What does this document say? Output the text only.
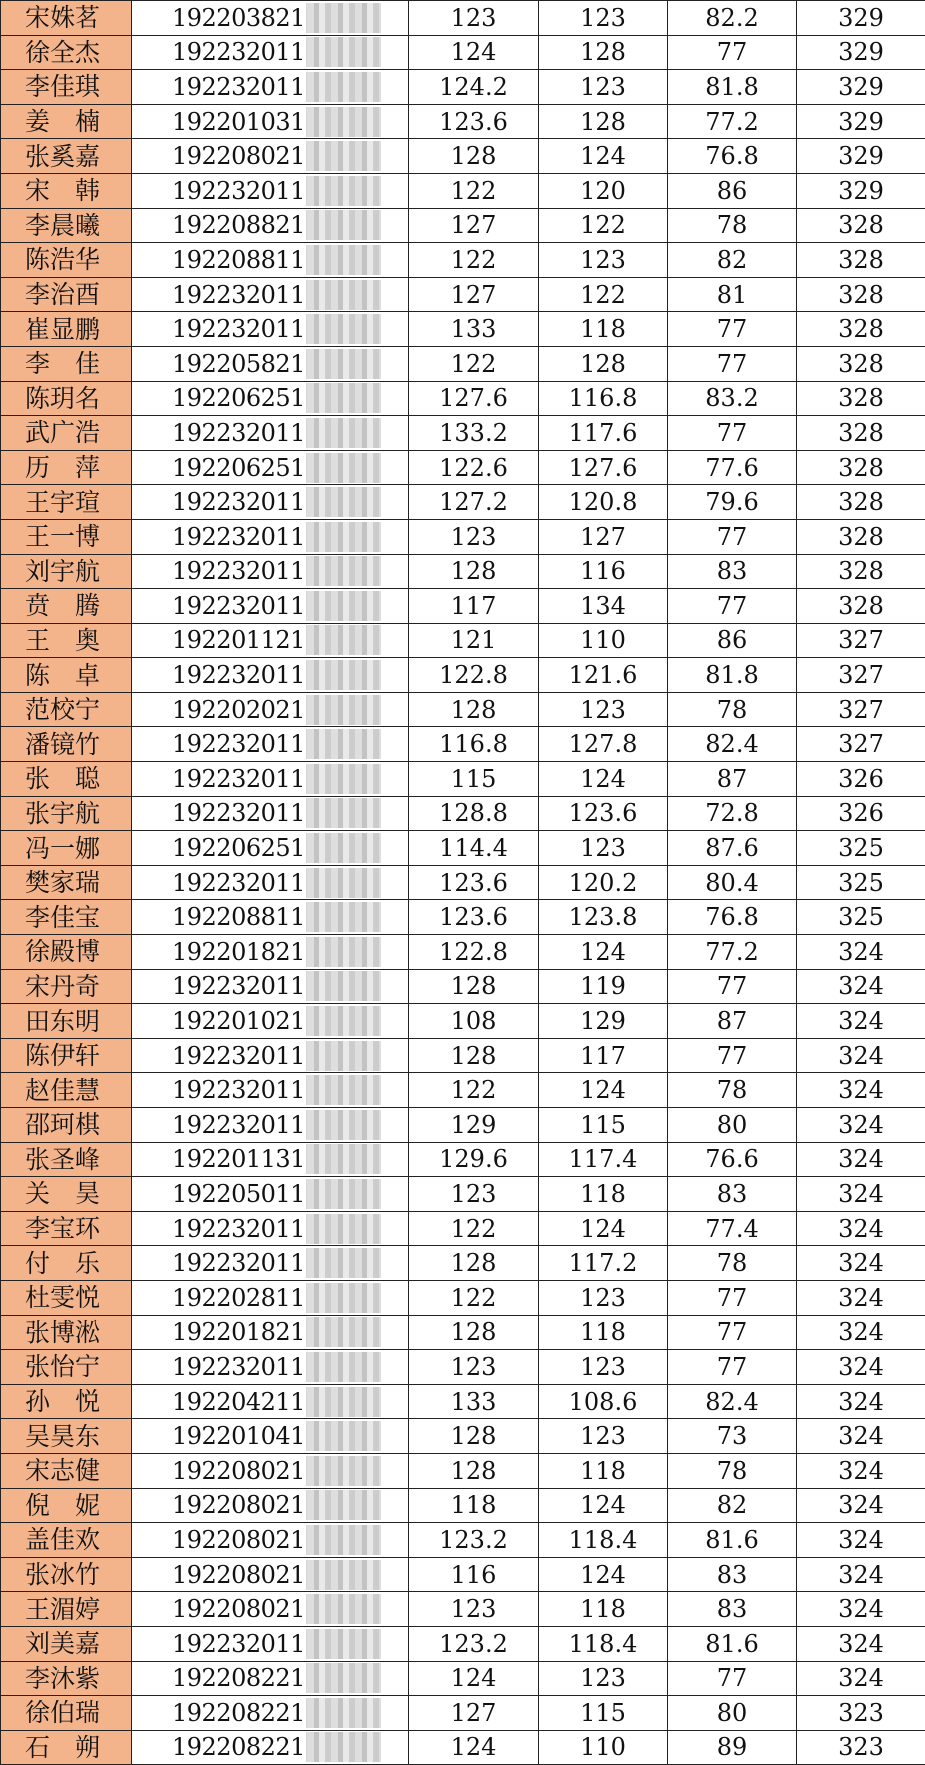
宋姝茗	192203821	123	123	82.2	329
徐全杰	192232011	124	128	77	329
李佳琪	192232011	124.2	123	81.8	329
姜　楠	192201031	123.6	128	77.2	329
张奚嘉	192208021	128	124	76.8	329
宋　韩	192232011	122	120	86	329
李晨曦	192208821	127	122	78	328
陈浩华	192208811	122	123	82	328
李治酉	192232011	127	122	81	328
崔显鹏	192232011	133	118	77	328
李　佳	192205821	122	128	77	328
陈玥名	192206251	127.6	116.8	83.2	328
武广浩	192232011	133.2	117.6	77	328
历　萍	192206251	122.6	127.6	77.6	328
王宇瑄	192232011	127.2	120.8	79.6	328
王一博	192232011	123	127	77	328
刘宇航	192232011	128	116	83	328
贲　腾	192232011	117	134	77	328
王　奥	192201121	121	110	86	327
陈　卓	192232011	122.8	121.6	81.8	327
范校宁	192202021	128	123	78	327
潘镜竹	192232011	116.8	127.8	82.4	327
张　聪	192232011	115	124	87	326
张宇航	192232011	128.8	123.6	72.8	326
冯一娜	192206251	114.4	123	87.6	325
樊家瑞	192232011	123.6	120.2	80.4	325
李佳宝	192208811	123.6	123.8	76.8	325
徐殿博	192201821	122.8	124	77.2	324
宋丹奇	192232011	128	119	77	324
田东明	192201021	108	129	87	324
陈伊轩	192232011	128	117	77	324
赵佳慧	192232011	122	124	78	324
邵珂棋	192232011	129	115	80	324
张圣峰	192201131	129.6	117.4	76.6	324
关　昊	192205011	123	118	83	324
李宝环	192232011	122	124	77.4	324
付　乐	192232011	128	117.2	78	324
杜雯悦	192202811	122	123	77	324
张博淞	192201821	128	118	77	324
张怡宁	192232011	123	123	77	324
孙　悦	192204211	133	108.6	82.4	324
吴昊东	192201041	128	123	73	324
宋志健	192208021	128	118	78	324
倪　妮	192208021	118	124	82	324
盖佳欢	192208021	123.2	118.4	81.6	324
张冰竹	192208021	116	124	83	324
王湄婷	192208021	123	118	83	324
刘美嘉	192232011	123.2	118.4	81.6	324
李沐紫	192208221	124	123	77	324
徐伯瑞	192208221	127	115	80	323
石　朔	192208221	124	110	89	323
